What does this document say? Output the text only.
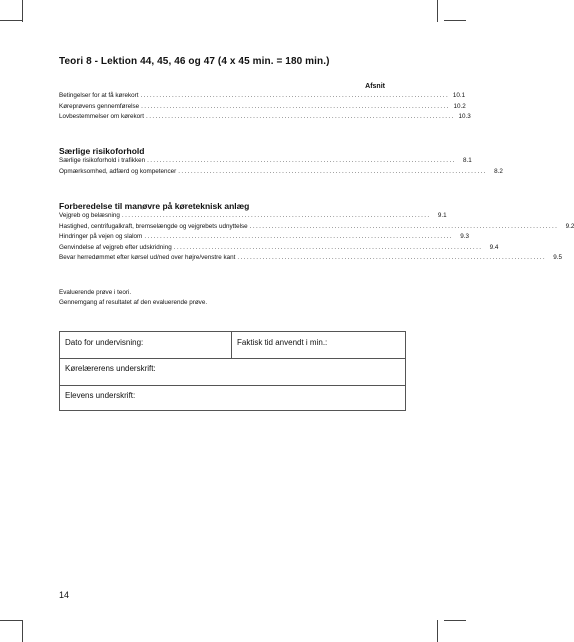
Teori 8 - Lektion 44, 45, 46 og 47 (4 x 45 min. = 180 min.)
Afsnit
Betingelser for at få kørekort .................................................................................................. 10.1
Køreprøvens gennemførelse .................................................................................................. 10.2
Lovbestemmelser om kørekort .................................................................................................. 10.3
Særlige risikoforhold
Særlige risikoforhold i trafikken ..................................................................................................	8.1
Opmærksomhed, adfærd og kompetencer ..................................................................................................	8.2
Forberedelse til manøvre på køreteknisk anlæg
Vejgreb og belæsning ..................................................................................................	9.1
Hastighed, centrifugalkraft, bremselængde og vejgrebets udnyttelse ..................................................................................................	9.2
Hindringer på vejen og slalom ..................................................................................................	9.3
Genvindelse af vejgreb efter udskridning ..................................................................................................	9.4
Bevar herredømmet efter kørsel ud/ned over højre/venstre kant ..................................................................................................	9.5
Evaluerende prøve i teori.
Gennemgang af resultatet af den evaluerende prøve.
Dato for undervisning:	Faktisk tid anvendt i min.:
Kørelærerens underskrift:
Elevens underskrift:
14
